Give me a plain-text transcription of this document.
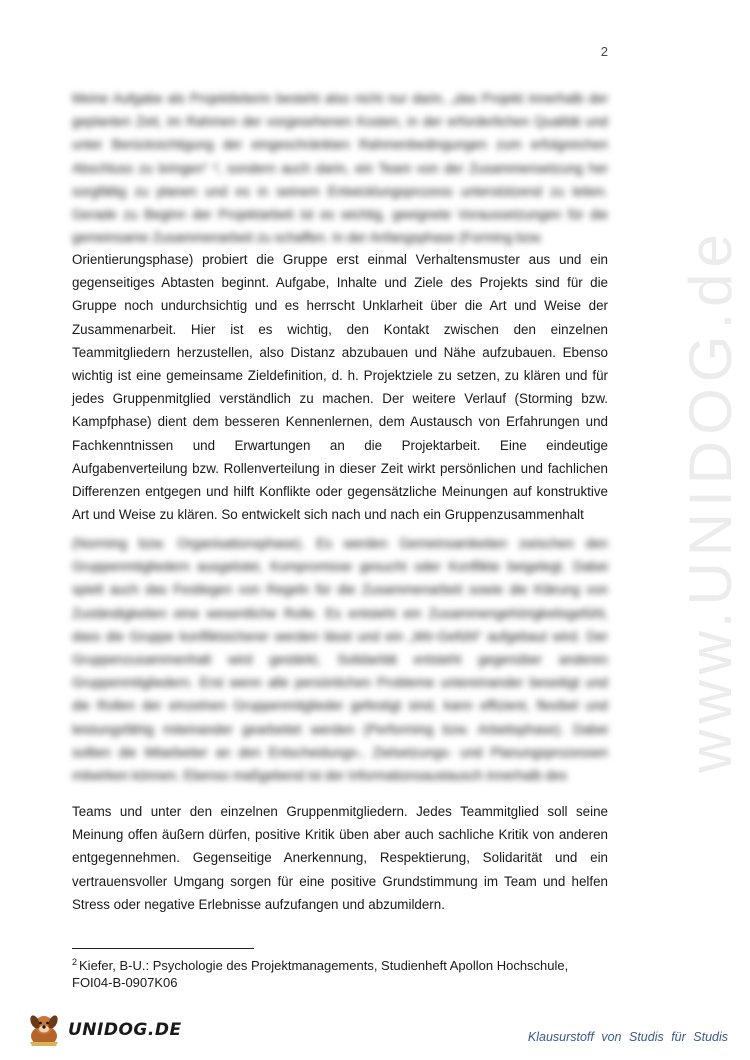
2
www.UNIDOG.de

Meine Aufgabe als Projektleiterin besteht also nicht nur darin, „das Projekt innerhalb der geplanten Zeit, im Rahmen der vorgesehenen Kosten, in der erforderlichen Qualität und unter Berücksichtigung der eingeschränkten Rahmenbedingungen zum erfolgreichen Abschluss zu bringen“ ², sondern auch darin, ein Team von der Zusammensetzung her sorgfältig zu planen und es in seinem Entwicklungsprozess unterstützend zu leiten. Gerade zu Beginn der Projektarbeit ist es wichtig, geeignete Voraussetzungen für die gemeinsame Zusammenarbeit zu schaffen. In der Anfangsphase (Forming bzw.

Orientierungsphase) probiert die Gruppe erst einmal Verhaltensmuster aus und ein gegenseitiges Abtasten beginnt. Aufgabe, Inhalte und Ziele des Projekts sind für die Gruppe noch undurchsichtig und es herrscht Unklarheit über die Art und Weise der Zusammenarbeit. Hier ist es wichtig, den Kontakt zwischen den einzelnen Teammitgliedern herzustellen, also Distanz abzubauen und Nähe aufzubauen. Ebenso wichtig ist eine gemeinsame Zieldefinition, d. h. Projektziele zu setzen, zu klären und für jedes Gruppenmitglied verständlich zu machen. Der weitere Verlauf (Storming bzw. Kampfphase) dient dem besseren Kennenlernen, dem Austausch von Erfahrungen und Fachkenntnissen und Erwartungen an die Projektarbeit. Eine eindeutige Aufgabenverteilung bzw. Rollenverteilung in dieser Zeit wirkt persönlichen und fachlichen Differenzen entgegen und hilft Konflikte oder gegensätzliche Meinungen auf konstruktive Art und Weise zu klären. So entwickelt sich nach und nach ein Gruppenzusammenhalt

(Norming bzw. Organisationsphase). Es werden Gemeinsamkeiten zwischen den Gruppenmitgliedern ausgelotet, Kompromisse gesucht oder Konflikte beigelegt. Dabei spielt auch das Festlegen von Regeln für die Zusammenarbeit sowie die Klärung von Zuständigkeiten eine wesentliche Rolle. Es entsteht ein Zusammengehörigkeitsgefühl, dass die Gruppe konfliktsicherer werden lässt und ein „Wir-Gefühl“ aufgebaut wird. Der Gruppenzusammenhalt wird gestärkt, Solidarität entsteht gegenüber anderen Gruppenmitgliedern. Erst wenn alle persönlichen Probleme untereinander beseitigt und die Rollen der einzelnen Gruppenmitglieder gefestigt sind, kann effizient, flexibel und leistungsfähig miteinander gearbeitet werden (Performing bzw. Arbeitsphase). Dabei sollten die Mitarbeiter an den Entscheidungs-, Zielsetzungs- und Planungsprozessen mitwirken können. Ebenso maßgebend ist der Informationsaustausch innerhalb des

Teams und unter den einzelnen Gruppenmitgliedern. Jedes Teammitglied soll seine Meinung offen äußern dürfen, positive Kritik üben aber auch sachliche Kritik von anderen entgegennehmen. Gegenseitige Anerkennung, Respektierung, Solidarität und ein vertrauensvoller Umgang sorgen für eine positive Grundstimmung im Team und helfen Stress oder negative Erlebnisse aufzufangen und abzumildern.

$^2$ Kiefer, B-U.: Psychologie des Projektmanagements, Studienheft Apollon Hochschule, FOI04-B-0907K06
UNIDOG.DE	Klausurstoff von Studis für Studis
